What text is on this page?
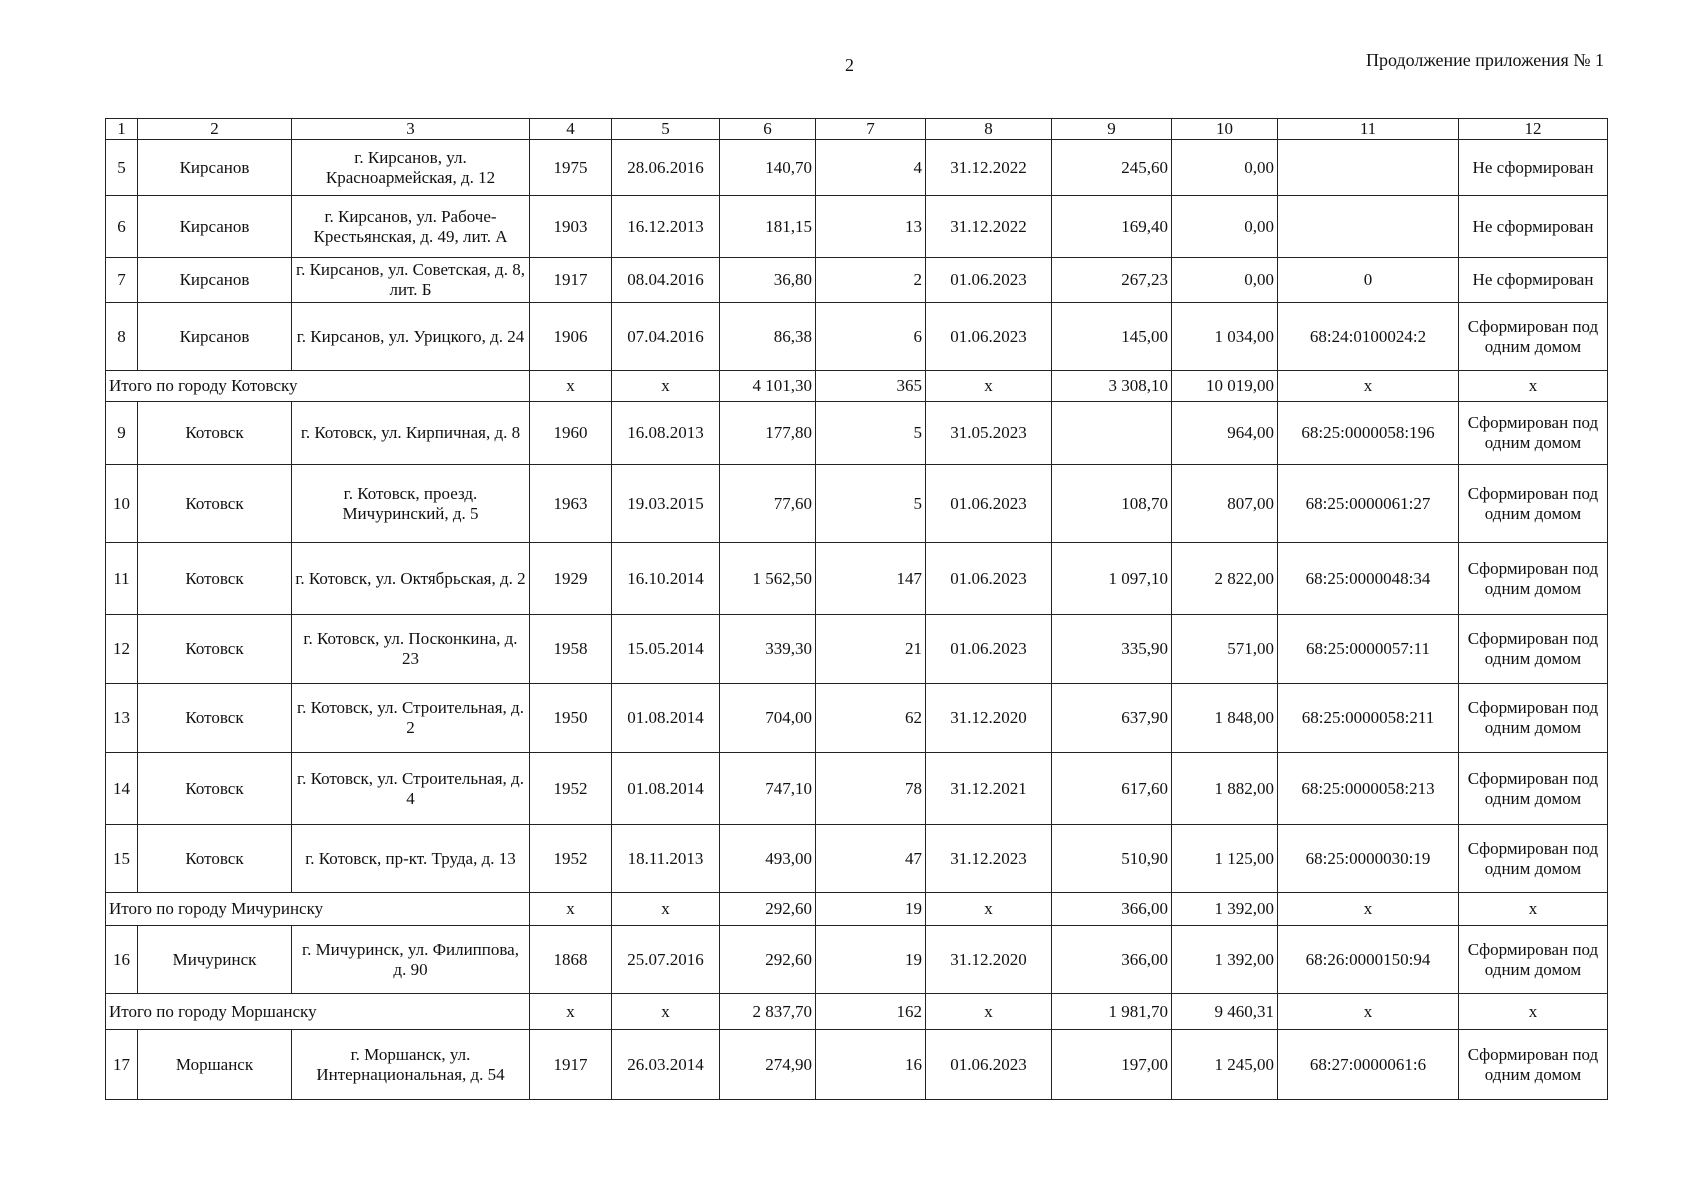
2	Продолжение приложения № 1
1	2	3	4	5	6	7	8	9	10	11	12
5	Кирсанов	г. Кирсанов, ул. Красноармейская, д. 12	1975	28.06.2016	140,70	4	31.12.2022	245,60	0,00		Не сформирован
6	Кирсанов	г. Кирсанов, ул. Рабоче-Крестьянская, д. 49, лит. А	1903	16.12.2013	181,15	13	31.12.2022	169,40	0,00		Не сформирован
7	Кирсанов	г. Кирсанов, ул. Советская, д. 8, лит. Б	1917	08.04.2016	36,80	2	01.06.2023	267,23	0,00	0	Не сформирован
8	Кирсанов	г. Кирсанов, ул. Урицкого, д. 24	1906	07.04.2016	86,38	6	01.06.2023	145,00	1 034,00	68:24:0100024:2	Сформирован под одним домом
Итого по городу Котовску			x	x	4 101,30	365	x	3 308,10	10 019,00	x	x
9	Котовск	г. Котовск, ул. Кирпичная, д. 8	1960	16.08.2013	177,80	5	31.05.2023		964,00	68:25:0000058:196	Сформирован под одним домом
10	Котовск	г. Котовск, проезд. Мичуринский, д. 5	1963	19.03.2015	77,60	5	01.06.2023	108,70	807,00	68:25:0000061:27	Сформирован под одним домом
11	Котовск	г. Котовск, ул. Октябрьская, д. 2	1929	16.10.2014	1 562,50	147	01.06.2023	1 097,10	2 822,00	68:25:0000048:34	Сформирован под одним домом
12	Котовск	г. Котовск, ул. Посконкина, д. 23	1958	15.05.2014	339,30	21	01.06.2023	335,90	571,00	68:25:0000057:11	Сформирован под одним домом
13	Котовск	г. Котовск, ул. Строительная, д. 2	1950	01.08.2014	704,00	62	31.12.2020	637,90	1 848,00	68:25:0000058:211	Сформирован под одним домом
14	Котовск	г. Котовск, ул. Строительная, д. 4	1952	01.08.2014	747,10	78	31.12.2021	617,60	1 882,00	68:25:0000058:213	Сформирован под одним домом
15	Котовск	г. Котовск, пр-кт. Труда, д. 13	1952	18.11.2013	493,00	47	31.12.2023	510,90	1 125,00	68:25:0000030:19	Сформирован под одним домом
Итого по городу Мичуринску			x	x	292,60	19	x	366,00	1 392,00	x	x
16	Мичуринск	г. Мичуринск, ул. Филиппова, д. 90	1868	25.07.2016	292,60	19	31.12.2020	366,00	1 392,00	68:26:0000150:94	Сформирован под одним домом
Итого по городу Моршанску			x	x	2 837,70	162	x	1 981,70	9 460,31	x	x
17	Моршанск	г. Моршанск, ул. Интернациональная, д. 54	1917	26.03.2014	274,90	16	01.06.2023	197,00	1 245,00	68:27:0000061:6	Сформирован под одним домом
